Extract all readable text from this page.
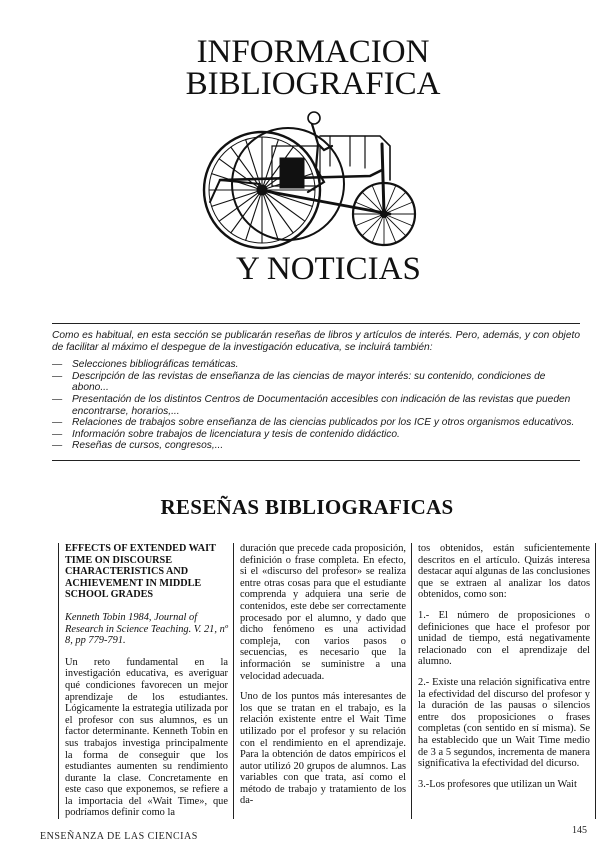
INFORMACION
BIBLIOGRAFICA
Y NOTICIAS

Como es habitual, en esta sección se publicarán reseñas de libros y artículos de interés. Pero, además, y con objeto de facilitar al máximo el despegue de la investigación educativa, se incluirá también:

— Selecciones bibliográficas temáticas.
— Descripción de las revistas de enseñanza de las ciencias de mayor interés: su contenido, condiciones de abono...
— Presentación de los distintos Centros de Documentación accesibles con indicación de las revistas que pueden encontrarse, horarios,...
— Relaciones de trabajos sobre enseñanza de las ciencias publicados por los ICE y otros organismos educativos.
— Información sobre trabajos de licenciatura y tesis de contenido didáctico.
— Reseñas de cursos, congresos,...
RESEÑAS BIBLIOGRAFICAS

EFFECTS OF EXTENDED WAIT TIME ON DISCOURSE CHARACTERISTICS AND ACHIEVEMENT IN MIDDLE SCHOOL GRADES

Kenneth Tobin 1984, Journal of Research in Science Teaching. V. 21, nº 8, pp 779-791.

Un reto fundamental en la investigación educativa, es averiguar qué condiciones favorecen un mejor aprendizaje de los estudiantes. Lógicamente la estrategia utilizada por el profesor con sus alumnos, es un factor determinante. Kenneth Tobin en sus trabajos investiga principalmente la forma de conseguir que los estudiantes aumenten su rendimiento durante la clase. Concretamente en este caso que exponemos, se refiere a la importacia del «Wait Time», que podríamos definir como la

duración que precede cada proposición, definición o frase completa. En efecto, si el «discurso del profesor» se realiza entre otras cosas para que el estudiante comprenda y adquiera una serie de contenidos, este debe ser correctamente procesado por el alumno, y dado que dicho fenómeno es una actividad compleja, con varios pasos o secuencias, es necesario que la información se suministre a una velocidad adecuada.

Uno de los puntos más interesantes de los que se tratan en el trabajo, es la relación existente entre el Wait Time utilizado por el profesor y su relación con el rendimiento en el aprendizaje. Para la obtención de datos empíricos el autor utilizó 20 grupos de alumnos. Las variables con que trata, así como el método de trabajo y tratamiento de los da-

tos obtenidos, están suficientemente descritos en el artículo. Quizás interesa destacar aquí algunas de las conclusiones que se extraen al analizar los datos obtenidos, como son:

1.- El número de proposiciones o definiciones que hace el profesor por unidad de tiempo, está negativamente relacionado con el aprendizaje del alumno.

2.- Existe una relación significativa entre la efectividad del discurso del profesor y la duración de las pausas o silencios entre dos proposiciones o frases completas (con sentido en sí misma). Se ha establecido que un Wait Time medio de 3 a 5 segundos, incrementa de manera significativa la efectividad del dicurso.

3.-Los profesores que utilizan un Wait

ENSEÑANZA DE LAS CIENCIAS
145
